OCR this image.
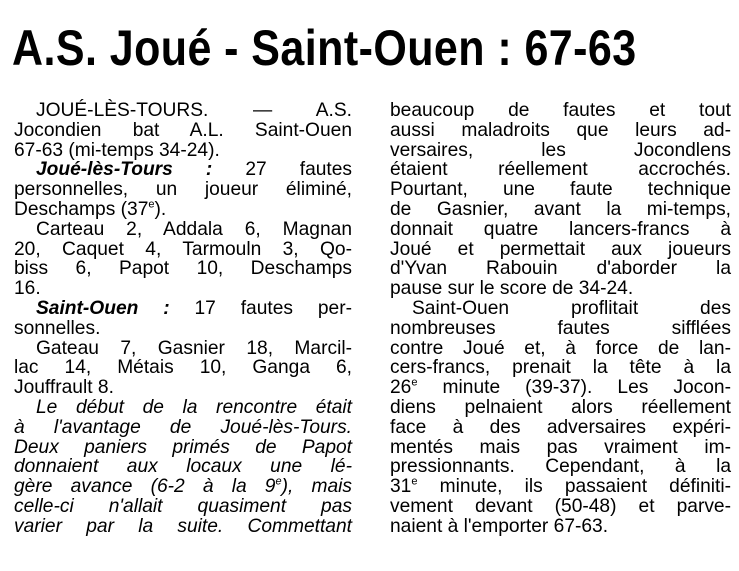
A.S. Joué - Saint-Ouen : 67-63
JOUÉ-LÈS-TOURS. — A.S.
Jocondien bat A.L. Saint-Ouen
67-63 (mi-temps 34-24).
Joué-lès-Tours : 27 fautes
personnelles, un joueur éliminé,
Deschamps (37e).
Carteau 2, Addala 6, Magnan
20, Caquet 4, Tarmouln 3, Qo-
biss 6, Papot 10, Deschamps
16.
Saint-Ouen : 17 fautes per-
sonnelles.
Gateau 7, Gasnier 18, Marcil-
lac 14, Métais 10, Ganga 6,
Jouffrault 8.
Le début de la rencontre était
à l'avantage de Joué-lès-Tours.
Deux paniers primés de Papot
donnaient aux locaux une lé-
gère avance (6-2 à la 9e), mais
celle-ci n'allait quasiment pas
varier par la suite. Commettant
beaucoup de fautes et tout
aussi maladroits que leurs ad-
versaires, les Jocondlens
étaient réellement accrochés.
Pourtant, une faute technique
de Gasnier, avant la mi-temps,
donnait quatre lancers-francs à
Joué et permettait aux joueurs
d'Yvan Rabouin d'aborder la
pause sur le score de 34-24.
Saint-Ouen proflitait des
nombreuses fautes sifflées
contre Joué et, à force de lan-
cers-francs, prenait la tête à la
26e minute (39-37). Les Jocon-
diens pelnaient alors réellement
face à des adversaires expéri-
mentés mais pas vraiment im-
pressionnants. Cependant, à la
31e minute, ils passaient définiti-
vement devant (50-48) et parve-
naient à l'emporter 67-63.
